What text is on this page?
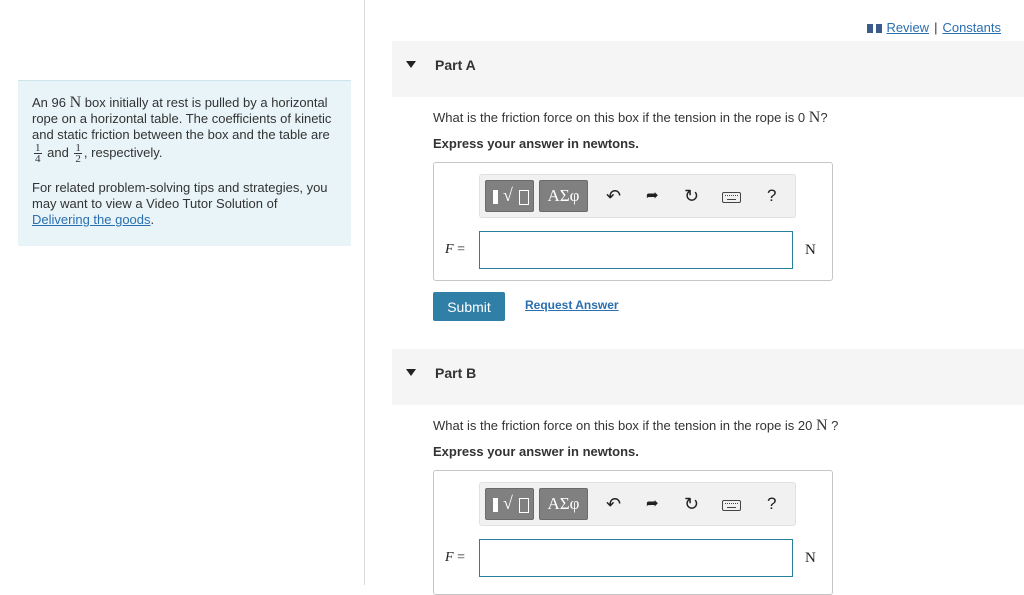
An 96 N box initially at rest is pulled by a horizontal rope on a horizontal table. The coefficients of kinetic and static friction between the box and the table are
$\frac{1}{4}$ and $\frac{1}{2}$ , respectively.

For related problem-solving tips and strategies, you may want to view a Video Tutor Solution of Delivering the goods.

Review | Constants
Part A
What is the friction force on this box if the tension in the rope is 0 N?
Express your answer in newtons.
√	ΑΣφ	↶ ➦ ↻	?
F =	N
Submit	Request Answer
Part B
What is the friction force on this box if the tension in the rope is 20 N ?
Express your answer in newtons.
√	ΑΣφ	↶ ➦ ↻	?
F =	N
